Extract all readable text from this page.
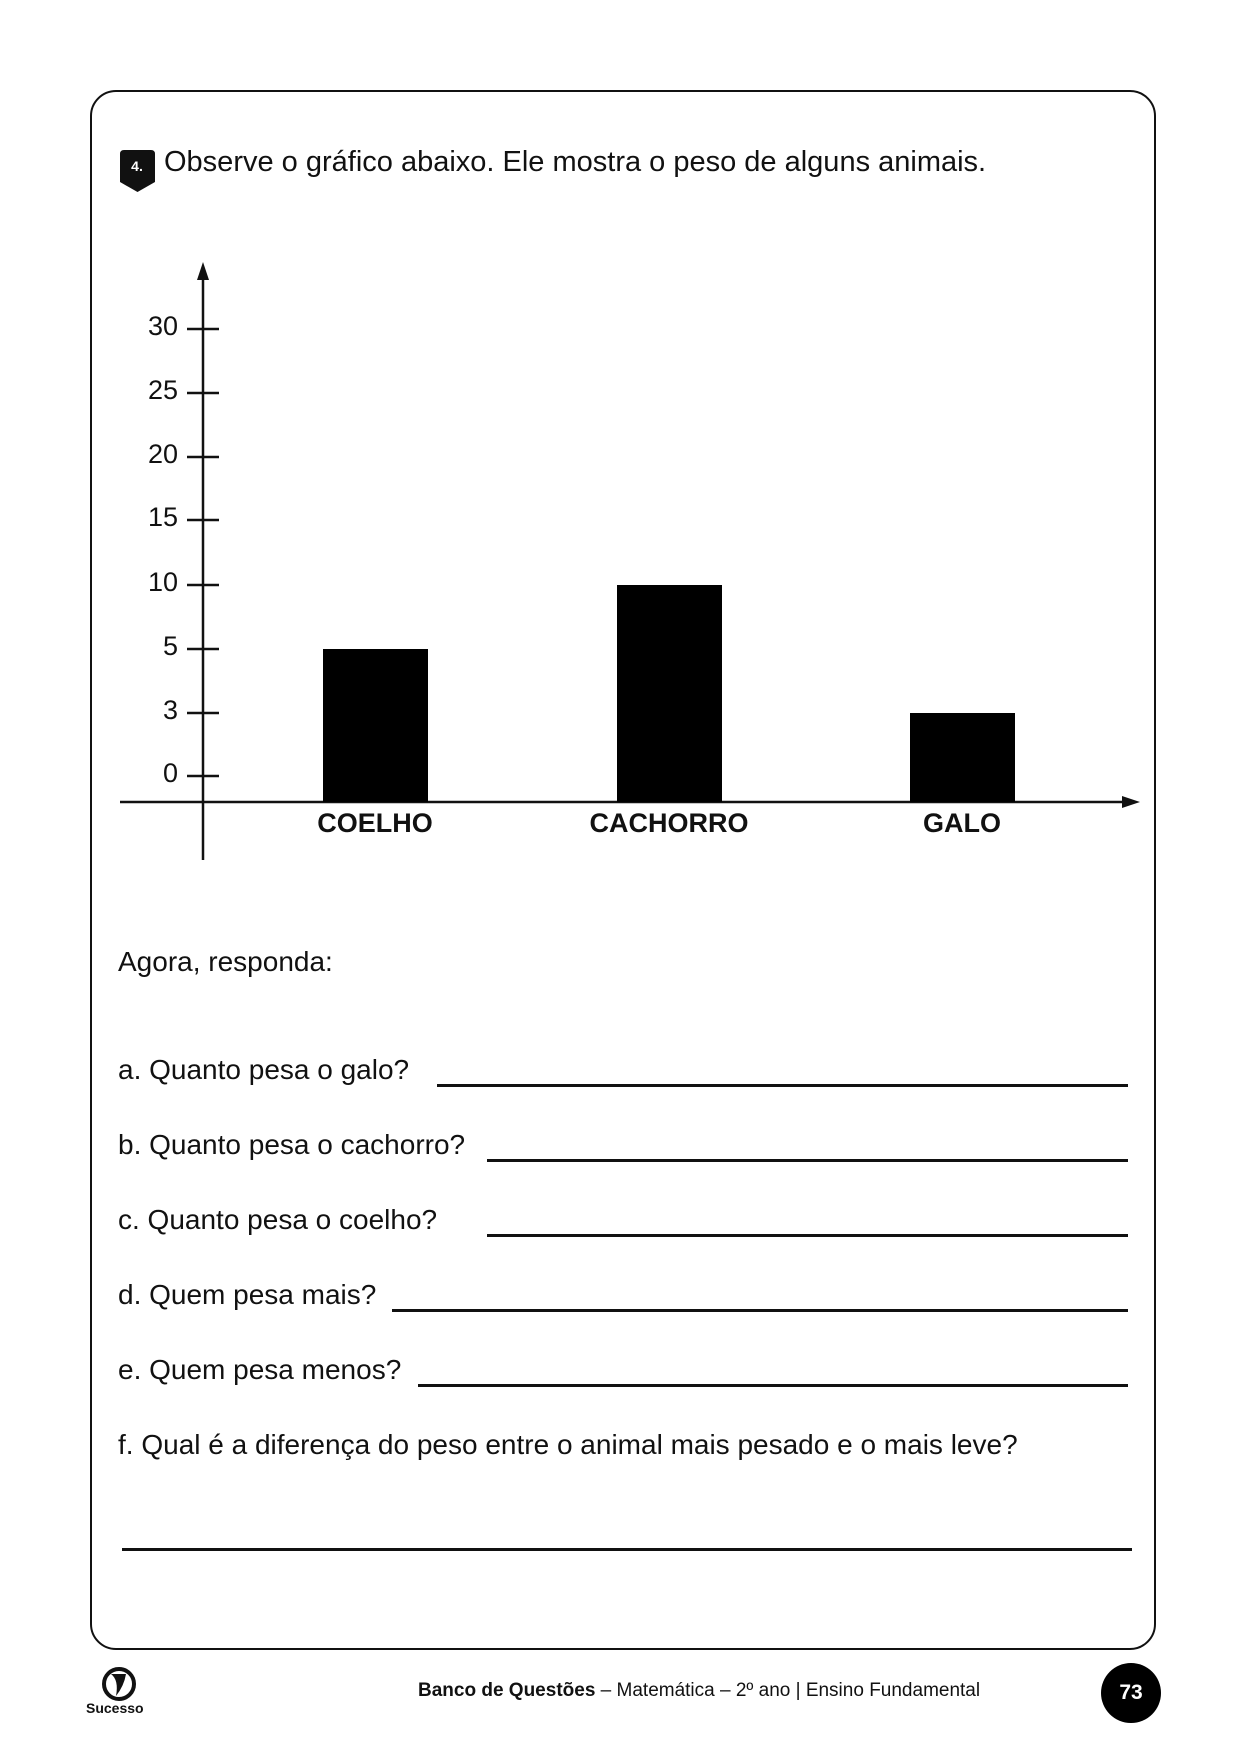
4. Observe o gráfico abaixo. Ele mostra o peso de alguns animais.
0
3
5
10
15
20
25
30
COELHO	CACHORRO	GALO
Agora, responda:
a. Quanto pesa o galo?
b. Quanto pesa o cachorro?
c. Quanto pesa o coelho?
d. Quem pesa mais?
e. Quem pesa menos?
f. Qual é a diferença do peso entre o animal mais pesado e o mais leve?
Sucesso
Banco de Questões – Matemática – 2º ano | Ensino Fundamental	73
